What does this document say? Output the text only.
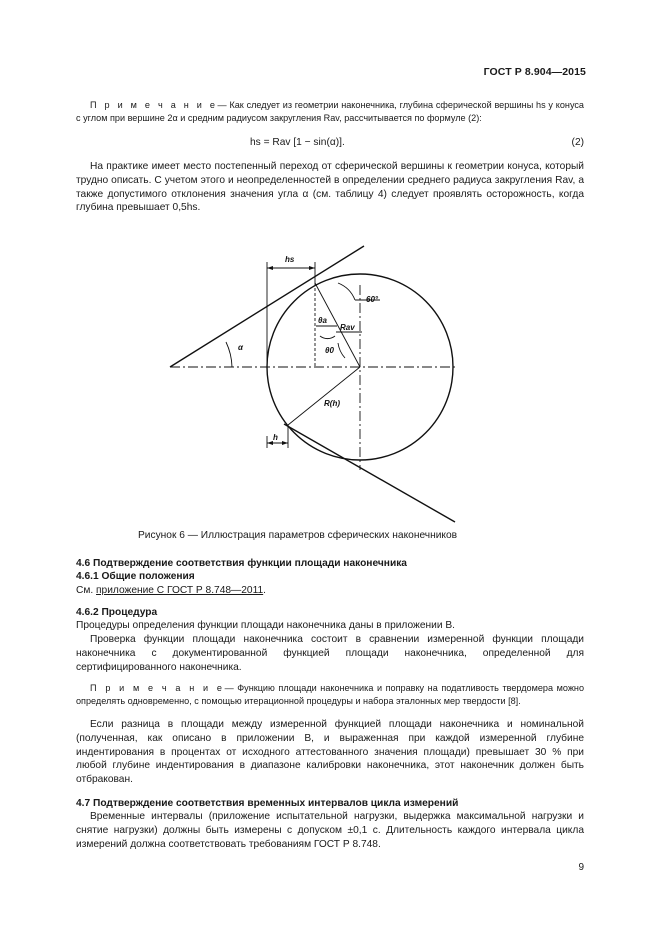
ГОСТ Р 8.904—2015
П р и м е ч а н и е— Как следует из геометрии наконечника, глубина сферической вершины hs у конуса с углом при вершине 2α и средним радиусом закругления Rav, рассчитывается по формуле (2):
hs = Rav [1 − sin(α)].	(2)
На практике имеет место постепенный переход от сферической вершины к геометрии конуса, который трудно описать. С учетом этого и неопределенностей в определении среднего радиуса закругления Rav, а также допустимого отклонения значения угла α (см. таблицу 4) следует проявлять осторожность, когда глубина превышает 0,5hs.
hs
α
60°
θa
Rav
θ0
R(h)
h
Рисунок 6 — Иллюстрация параметров сферических наконечников
4.6 Подтверждение соответствия функции площади наконечника
4.6.1 Общие положения
См. приложение С ГОСТ Р 8.748—2011.
4.6.2 Процедура
Процедуры определения функции площади наконечника даны в приложении В.
Проверка функции площади наконечника состоит в сравнении измеренной функции площади наконечника с документированной функцией площади наконечника, определенной для сертифицированного наконечника.
П р и м е ч а н и е— Функцию площади наконечника и поправку на податливость твердомера можно определять одновременно, с помощью итерационной процедуры и набора эталонных мер твердости [8].
Если разница в площади между измеренной функцией площади наконечника и номинальной (полученная, как описано в приложении В, и выраженная при каждой измеренной глубине индентирования в процентах от исходного аттестованного значения площади) превышает 30 % при любой глубине индентирования в диапазоне калибровки наконечника, этот наконечник должен быть отбракован.
4.7 Подтверждение соответствия временных интервалов цикла измерений
Временные интервалы (приложение испытательной нагрузки, выдержка максимальной нагрузки и снятие нагрузки) должны быть измерены с допуском ±0,1 с. Длительность каждого интервала цикла измерений должна соответствовать требованиям ГОСТ Р 8.748.
9
